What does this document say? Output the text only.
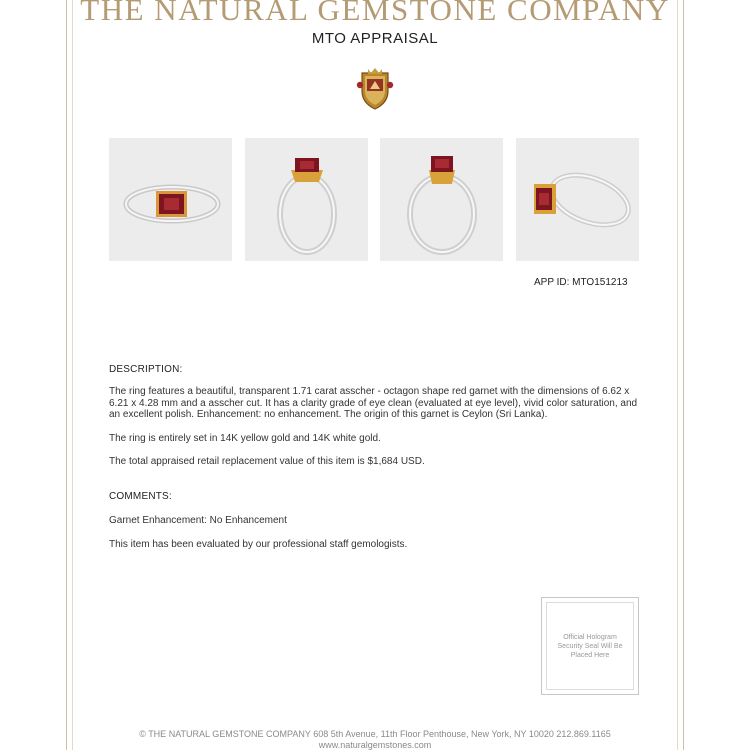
THE NATURAL GEMSTONE COMPANY
MTO APPRAISAL
APP ID: MTO151213
DESCRIPTION:
The ring features a beautiful, transparent 1.71 carat asscher - octagon shape red garnet with the dimensions of 6.62 x 6.21 x 4.28 mm and a asscher cut. It has a clarity grade of eye clean (evaluated at eye level), vivid color saturation, and an excellent polish. Enhancement: no enhancement. The origin of this garnet is Ceylon (Sri Lanka).
The ring is entirely set in 14K yellow gold and 14K white gold.
The total appraised retail replacement value of this item is $1,684 USD.
COMMENTS:
Garnet Enhancement: No Enhancement
This item has been evaluated by our professional staff gemologists.
Official Hologram Security Seal Will Be Placed Here
© THE NATURAL GEMSTONE COMPANY 608 5th Avenue, 11th Floor Penthouse, New York, NY 10020 212.869.1165
www.naturalgemstones.com
